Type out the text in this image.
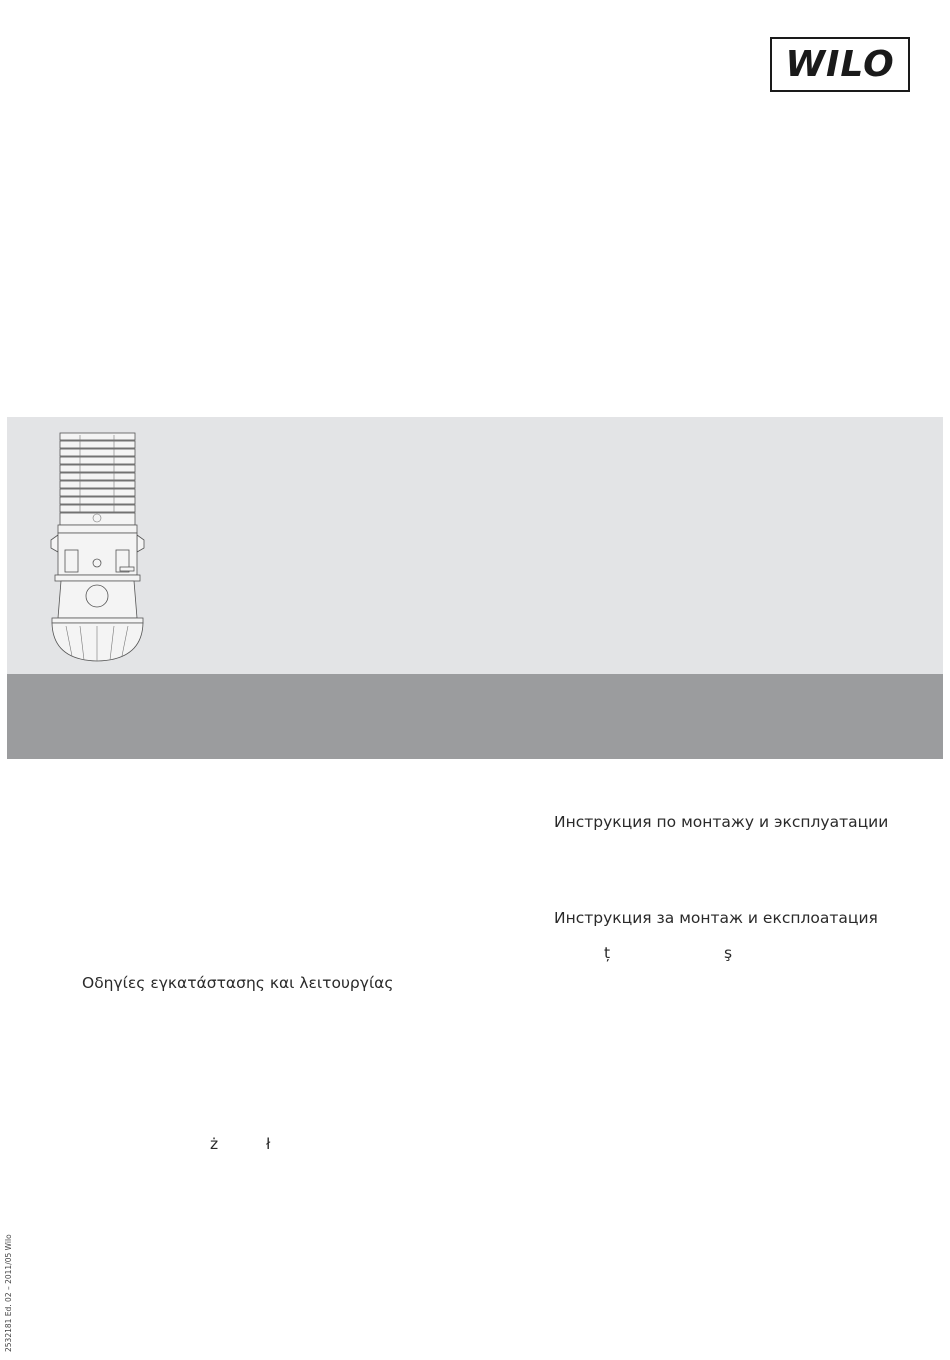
WILO
Инструкция по монтажу и эксплуатации
Инструкция за монтаж и експлоатация
ț	ş
Οδηγίες εγκατάστασης και λειτουργίας
ż	ł
2532181 Ed. 02 – 2011/05 Wilo
